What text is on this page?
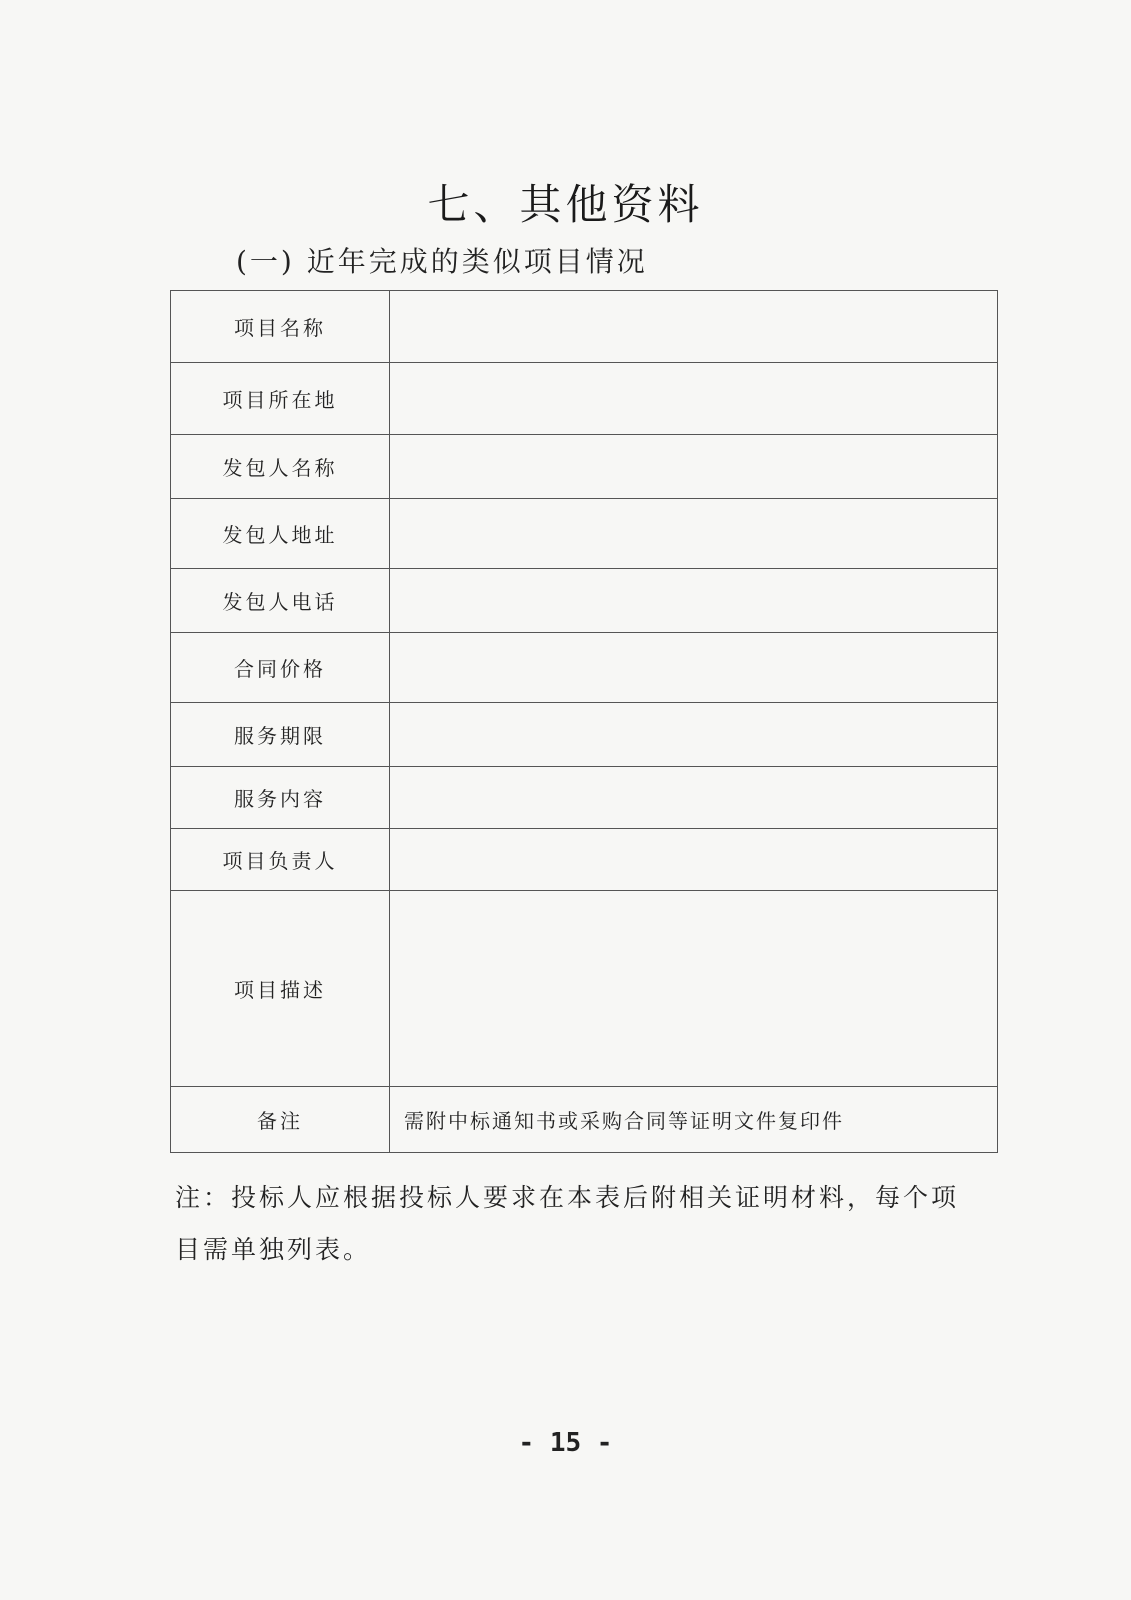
七、其他资料
(一) 近年完成的类似项目情况
项目名称	
项目所在地	
发包人名称	
发包人地址	
发包人电话	
合同价格	
服务期限	
服务内容	
项目负责人	
项目描述	
备注	需附中标通知书或采购合同等证明文件复印件
注：投标人应根据投标人要求在本表后附相关证明材料，每个项目需单独列表。
- 15 -
